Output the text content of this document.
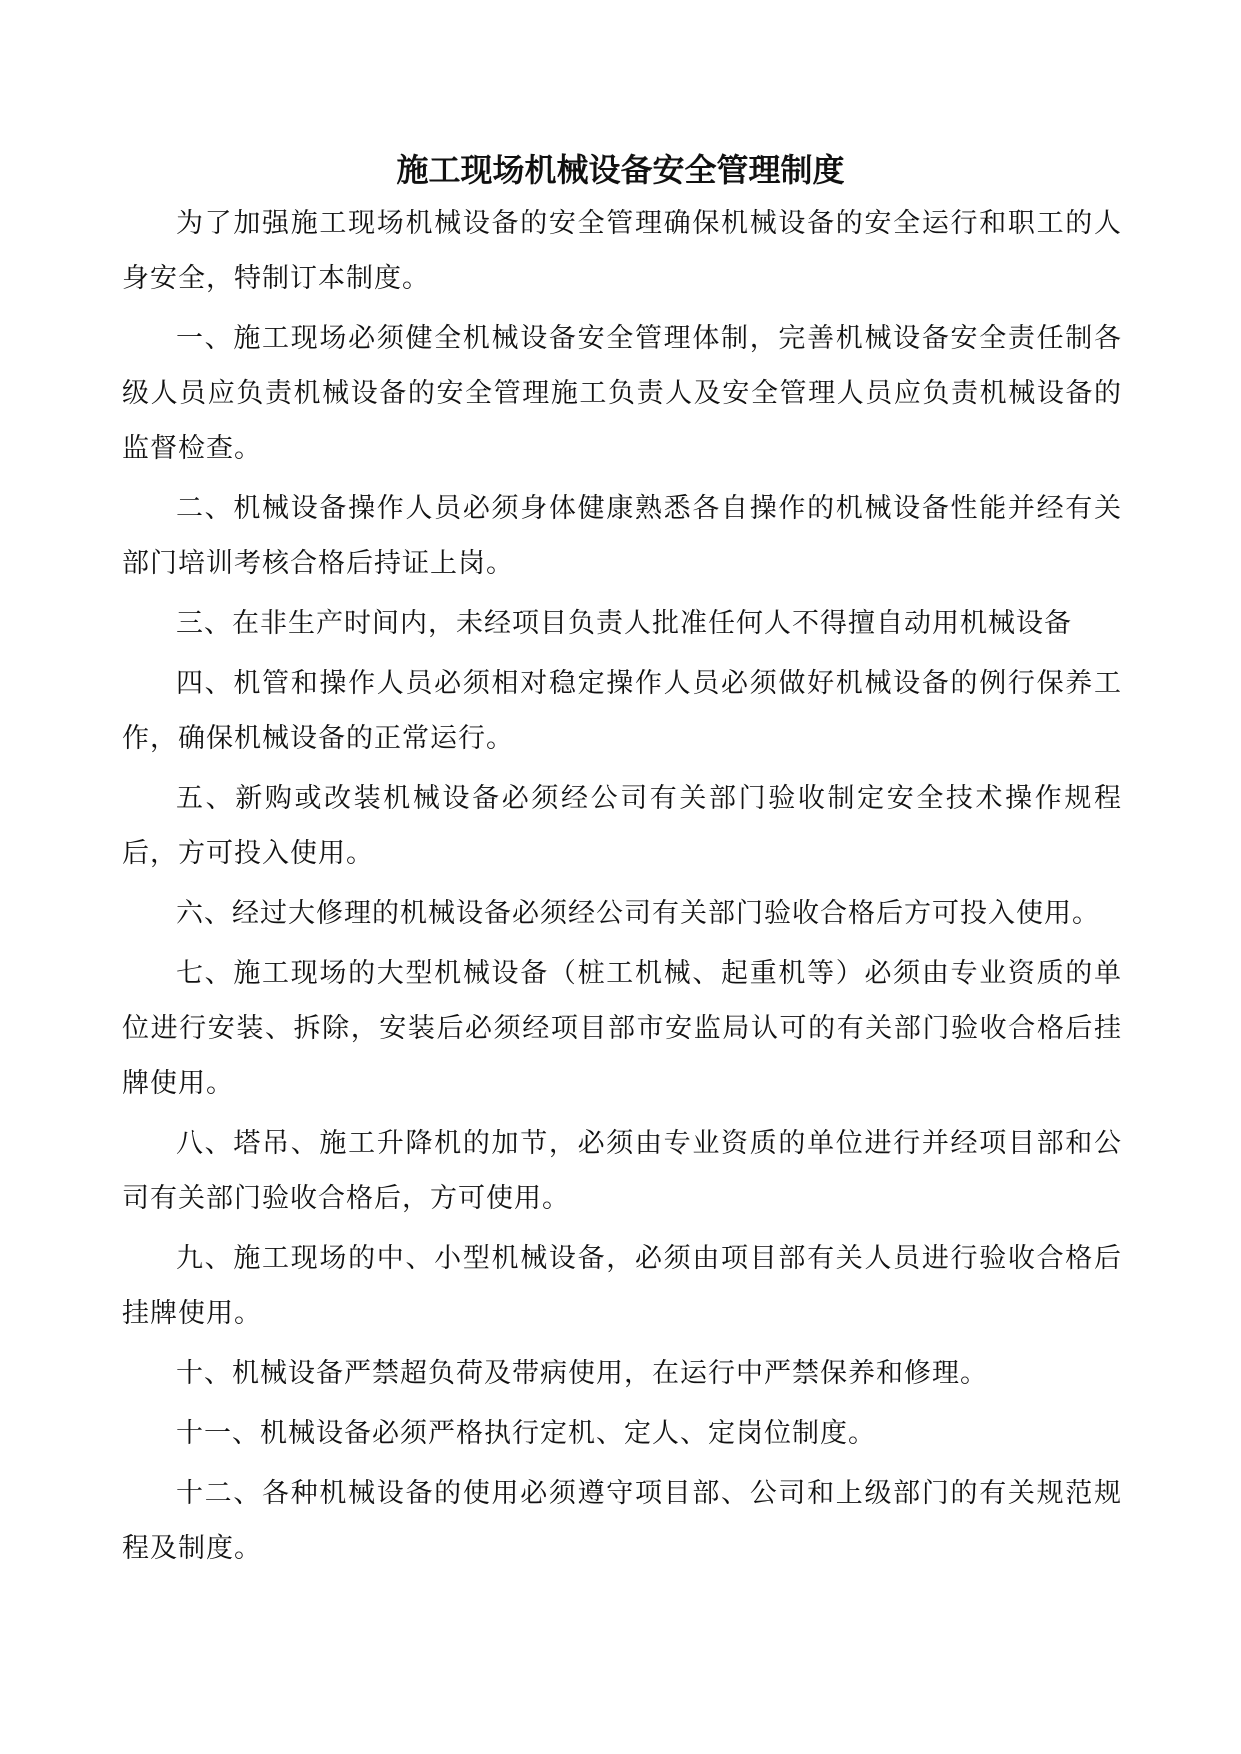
施工现场机械设备安全管理制度

为了加强施工现场机械设备的安全管理确保机械设备的安全运行和职工的人身安全，特制订本制度。

一、施工现场必须健全机械设备安全管理体制，完善机械设备安全责任制各级人员应负责机械设备的安全管理施工负责人及安全管理人员应负责机械设备的监督检查。

二、机械设备操作人员必须身体健康熟悉各自操作的机械设备性能并经有关部门培训考核合格后持证上岗。

三、在非生产时间内，未经项目负责人批准任何人不得擅自动用机械设备

四、机管和操作人员必须相对稳定操作人员必须做好机械设备的例行保养工作，确保机械设备的正常运行。

五、新购或改装机械设备必须经公司有关部门验收制定安全技术操作规程后，方可投入使用。

六、经过大修理的机械设备必须经公司有关部门验收合格后方可投入使用。

七、施工现场的大型机械设备（桩工机械、起重机等）必须由专业资质的单位进行安装、拆除，安装后必须经项目部市安监局认可的有关部门验收合格后挂牌使用。

八、塔吊、施工升降机的加节，必须由专业资质的单位进行并经项目部和公司有关部门验收合格后，方可使用。

九、施工现场的中、小型机械设备，必须由项目部有关人员进行验收合格后挂牌使用。

十、机械设备严禁超负荷及带病使用，在运行中严禁保养和修理。

十一、机械设备必须严格执行定机、定人、定岗位制度。

十二、各种机械设备的使用必须遵守项目部、公司和上级部门的有关规范规程及制度。
